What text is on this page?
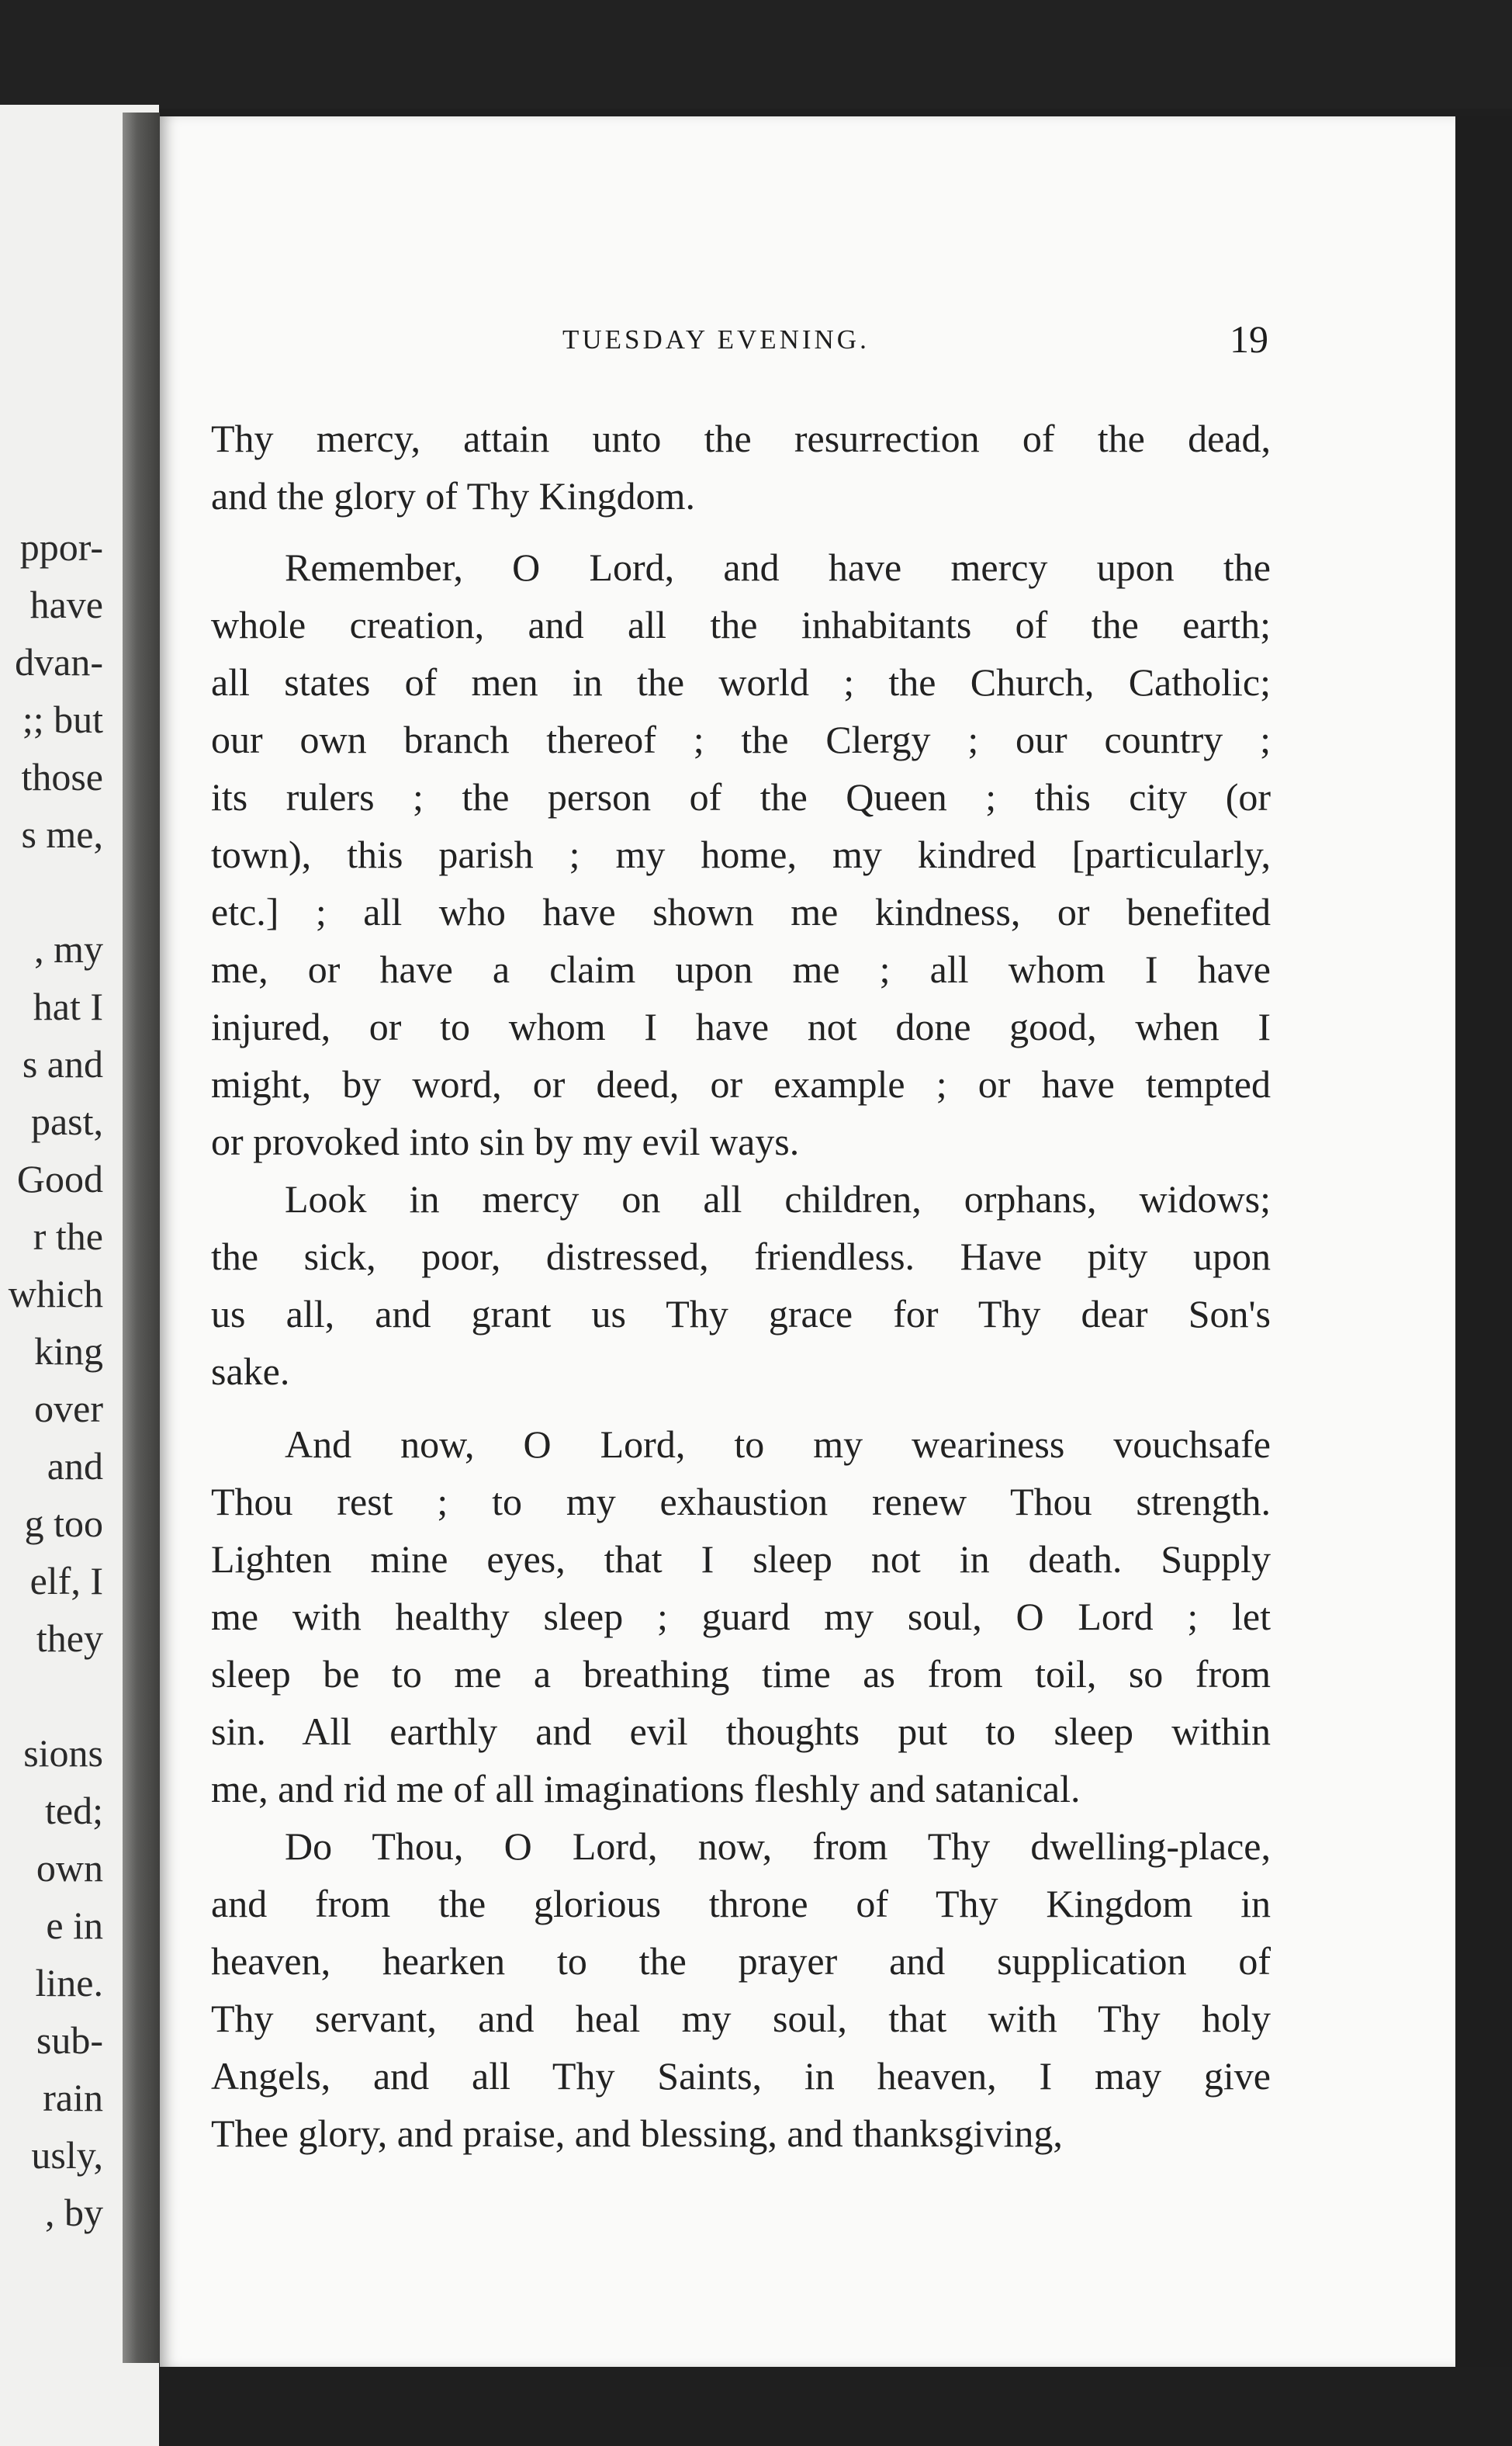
ppor-
have
dvan-
;; but
those
s me,
, my
hat I
s and
past,
Good
r the
which
king
over
and
g too
elf, I
they
sions
ted;
own
e in
line.
sub-
rain
usly,
, by
TUESDAY EVENING.	19
Thy mercy, attain unto the resurrection of the dead,
and the glory of Thy Kingdom.
Remember, O Lord, and have mercy upon the
whole creation, and all the inhabitants of the earth;
all states of men in the world ; the Church, Catholic;
our own branch thereof ; the Clergy ; our country ;
its rulers ; the person of the Queen ; this city (or
town), this parish ; my home, my kindred [particularly,
etc.] ; all who have shown me kindness, or benefited
me, or have a claim upon me ; all whom I have
injured, or to whom I have not done good, when I
might, by word, or deed, or example ; or have tempted
or provoked into sin by my evil ways.
Look in mercy on all children, orphans, widows;
the sick, poor, distressed, friendless. Have pity upon
us all, and grant us Thy grace for Thy dear Son's
sake.
And now, O Lord, to my weariness vouchsafe
Thou rest ; to my exhaustion renew Thou strength.
Lighten mine eyes, that I sleep not in death. Supply
me with healthy sleep ; guard my soul, O Lord ; let
sleep be to me a breathing time as from toil, so from
sin. All earthly and evil thoughts put to sleep within
me, and rid me of all imaginations fleshly and satanical.
Do Thou, O Lord, now, from Thy dwelling-place,
and from the glorious throne of Thy Kingdom in
heaven, hearken to the prayer and supplication of
Thy servant, and heal my soul, that with Thy holy
Angels, and all Thy Saints, in heaven, I may give
Thee glory, and praise, and blessing, and thanksgiving,
